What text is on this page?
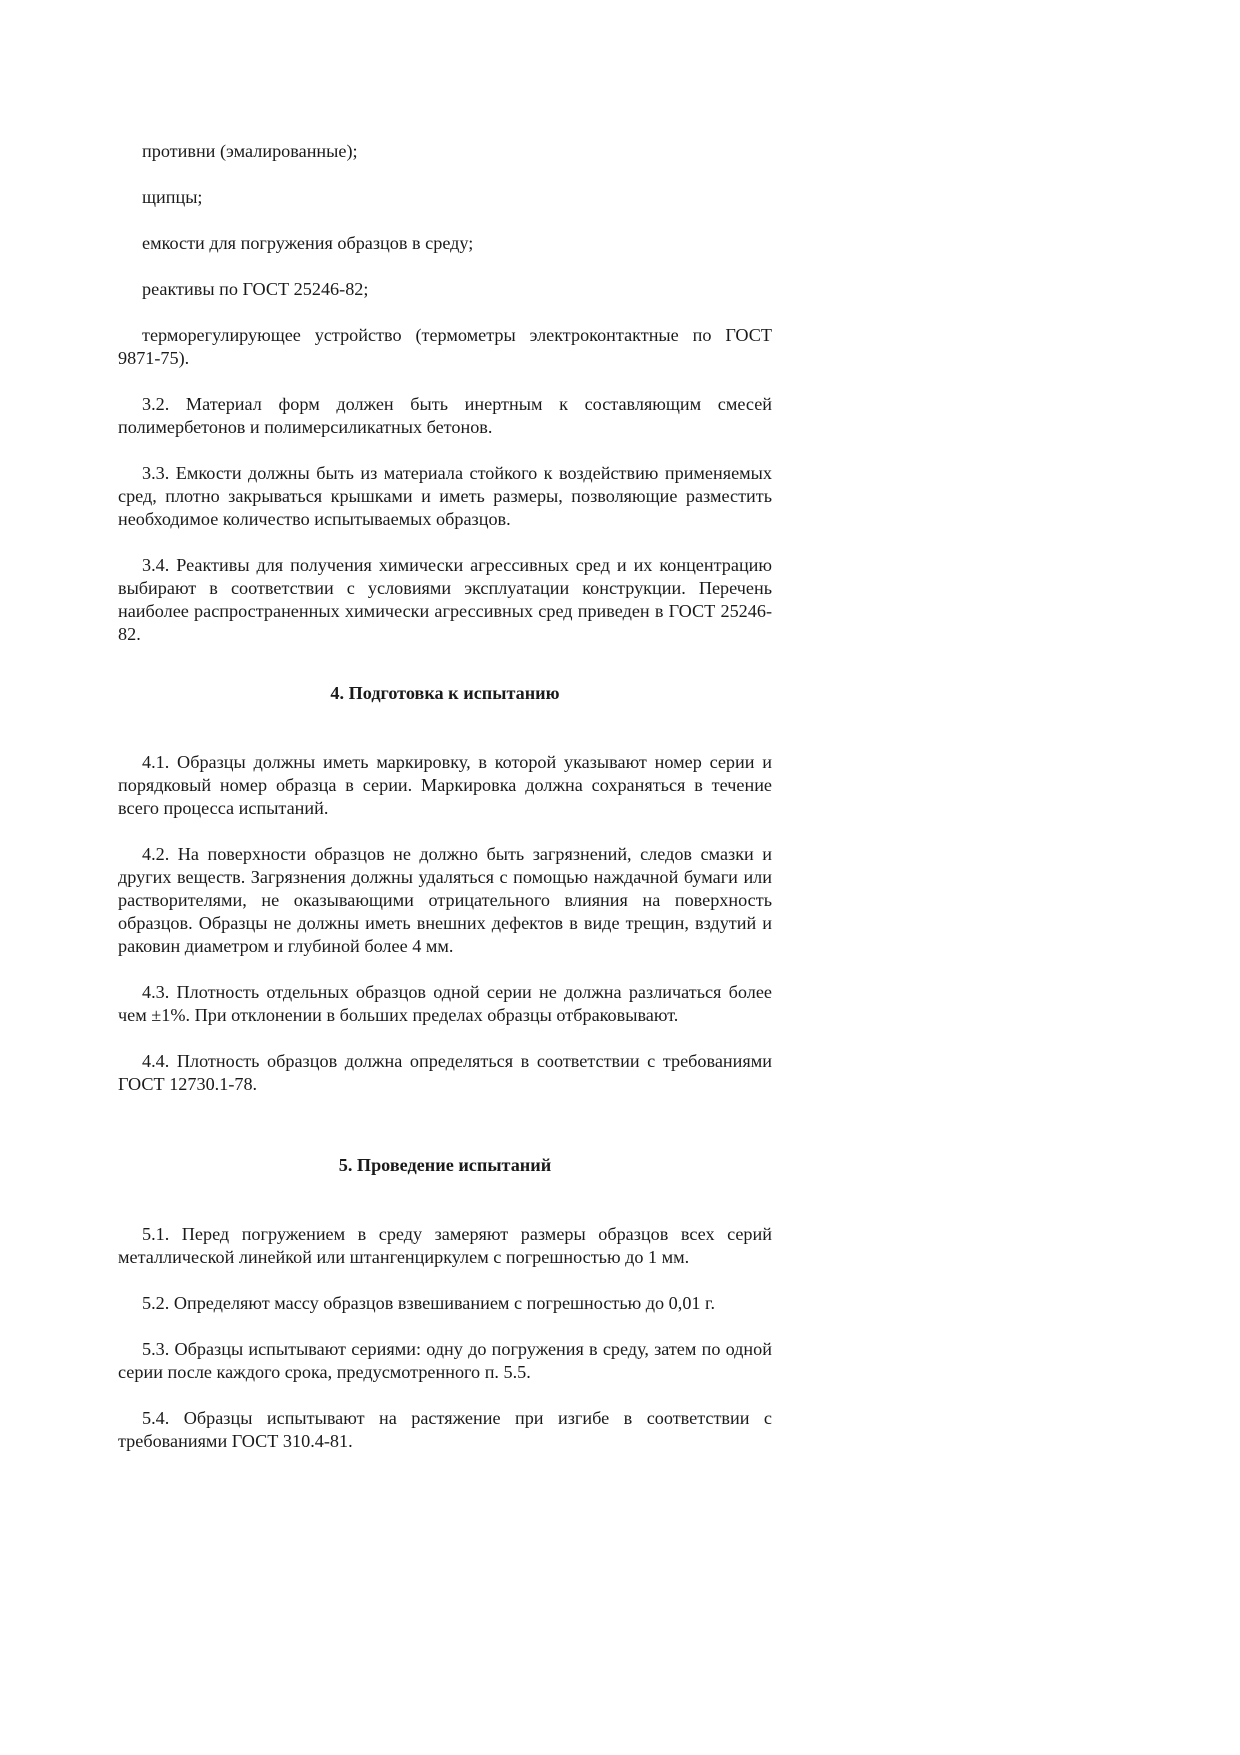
противни (эмалированные);

щипцы;

емкости для погружения образцов в среду;

реактивы по ГОСТ 25246-82;

терморегулирующее устройство (термометры электроконтактные по ГОСТ 9871-75).

3.2. Материал форм должен быть инертным к составляющим смесей полимербетонов и полимерсиликатных бетонов.

3.3. Емкости должны быть из материала стойкого к воздействию применяемых сред, плотно закрываться крышками и иметь размеры, позволяющие разместить необходимое количество испытываемых образцов.

3.4. Реактивы для получения химически агрессивных сред и их концентрацию выбирают в соответствии с условиями эксплуатации конструкции. Перечень наиболее распространенных химически агрессивных сред приведен в ГОСТ 25246-82.

4. Подготовка к испытанию

4.1. Образцы должны иметь маркировку, в которой указывают номер серии и порядковый номер образца в серии. Маркировка должна сохраняться в течение всего процесса испытаний.

4.2. На поверхности образцов не должно быть загрязнений, следов смазки и других веществ. Загрязнения должны удаляться с помощью наждачной бумаги или растворителями, не оказывающими отрицательного влияния на поверхность образцов. Образцы не должны иметь внешних дефектов в виде трещин, вздутий и раковин диаметром и глубиной более 4 мм.

4.3. Плотность отдельных образцов одной серии не должна различаться более чем ±1%. При отклонении в больших пределах образцы отбраковывают.

4.4. Плотность образцов должна определяться в соответствии с требованиями ГОСТ 12730.1-78.

5. Проведение испытаний

5.1. Перед погружением в среду замеряют размеры образцов всех серий металлической линейкой или штангенциркулем с погрешностью до 1 мм.

5.2. Определяют массу образцов взвешиванием с погрешностью до 0,01 г.

5.3. Образцы испытывают сериями: одну до погружения в среду, затем по одной серии после каждого срока, предусмотренного п. 5.5.

5.4. Образцы испытывают на растяжение при изгибе в соответствии с требованиями ГОСТ 310.4-81.
